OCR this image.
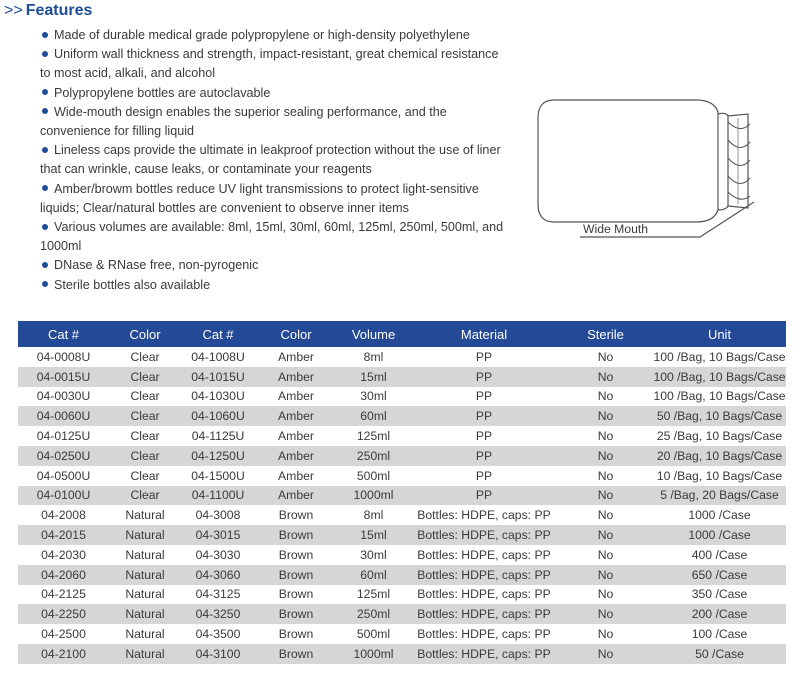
>> Features
Made of durable medical grade polypropylene or high-density polyethylene
Uniform wall thickness and strength, impact-resistant, great chemical resistance to most acid, alkali, and alcohol
Polypropylene bottles are autoclavable
Wide-mouth design enables the superior sealing performance, and the convenience for filling liquid
Lineless caps provide the ultimate in leakproof protection without the use of liner that can wrinkle, cause leaks, or contaminate your reagents
Amber/browm bottles reduce UV light transmissions to protect light-sensitive liquids; Clear/natural bottles are convenient to observe inner items
Various volumes are available: 8ml, 15ml, 30ml, 60ml, 125ml, 250ml, 500ml, and 1000ml
DNase & RNase free, non-pyrogenic
Sterile bottles also available
Wide Mouth
Cat #	Color	Cat #	Color	Volume	Material	Sterile	Unit
04-0008U	Clear	04-1008U	Amber	8ml	PP	No	100 /Bag, 10 Bags/Case
04-0015U	Clear	04-1015U	Amber	15ml	PP	No	100 /Bag, 10 Bags/Case
04-0030U	Clear	04-1030U	Amber	30ml	PP	No	100 /Bag, 10 Bags/Case
04-0060U	Clear	04-1060U	Amber	60ml	PP	No	50 /Bag, 10 Bags/Case
04-0125U	Clear	04-1125U	Amber	125ml	PP	No	25 /Bag, 10 Bags/Case
04-0250U	Clear	04-1250U	Amber	250ml	PP	No	20 /Bag, 10 Bags/Case
04-0500U	Clear	04-1500U	Amber	500ml	PP	No	10 /Bag, 10 Bags/Case
04-0100U	Clear	04-1100U	Amber	1000ml	PP	No	5 /Bag, 20 Bags/Case
04-2008	Natural	04-3008	Brown	8ml	Bottles: HDPE, caps: PP	No	1000 /Case
04-2015	Natural	04-3015	Brown	15ml	Bottles: HDPE, caps: PP	No	1000 /Case
04-2030	Natural	04-3030	Brown	30ml	Bottles: HDPE, caps: PP	No	400 /Case
04-2060	Natural	04-3060	Brown	60ml	Bottles: HDPE, caps: PP	No	650 /Case
04-2125	Natural	04-3125	Brown	125ml	Bottles: HDPE, caps: PP	No	350 /Case
04-2250	Natural	04-3250	Brown	250ml	Bottles: HDPE, caps: PP	No	200 /Case
04-2500	Natural	04-3500	Brown	500ml	Bottles: HDPE, caps: PP	No	100 /Case
04-2100	Natural	04-3100	Brown	1000ml	Bottles: HDPE, caps: PP	No	50 /Case
